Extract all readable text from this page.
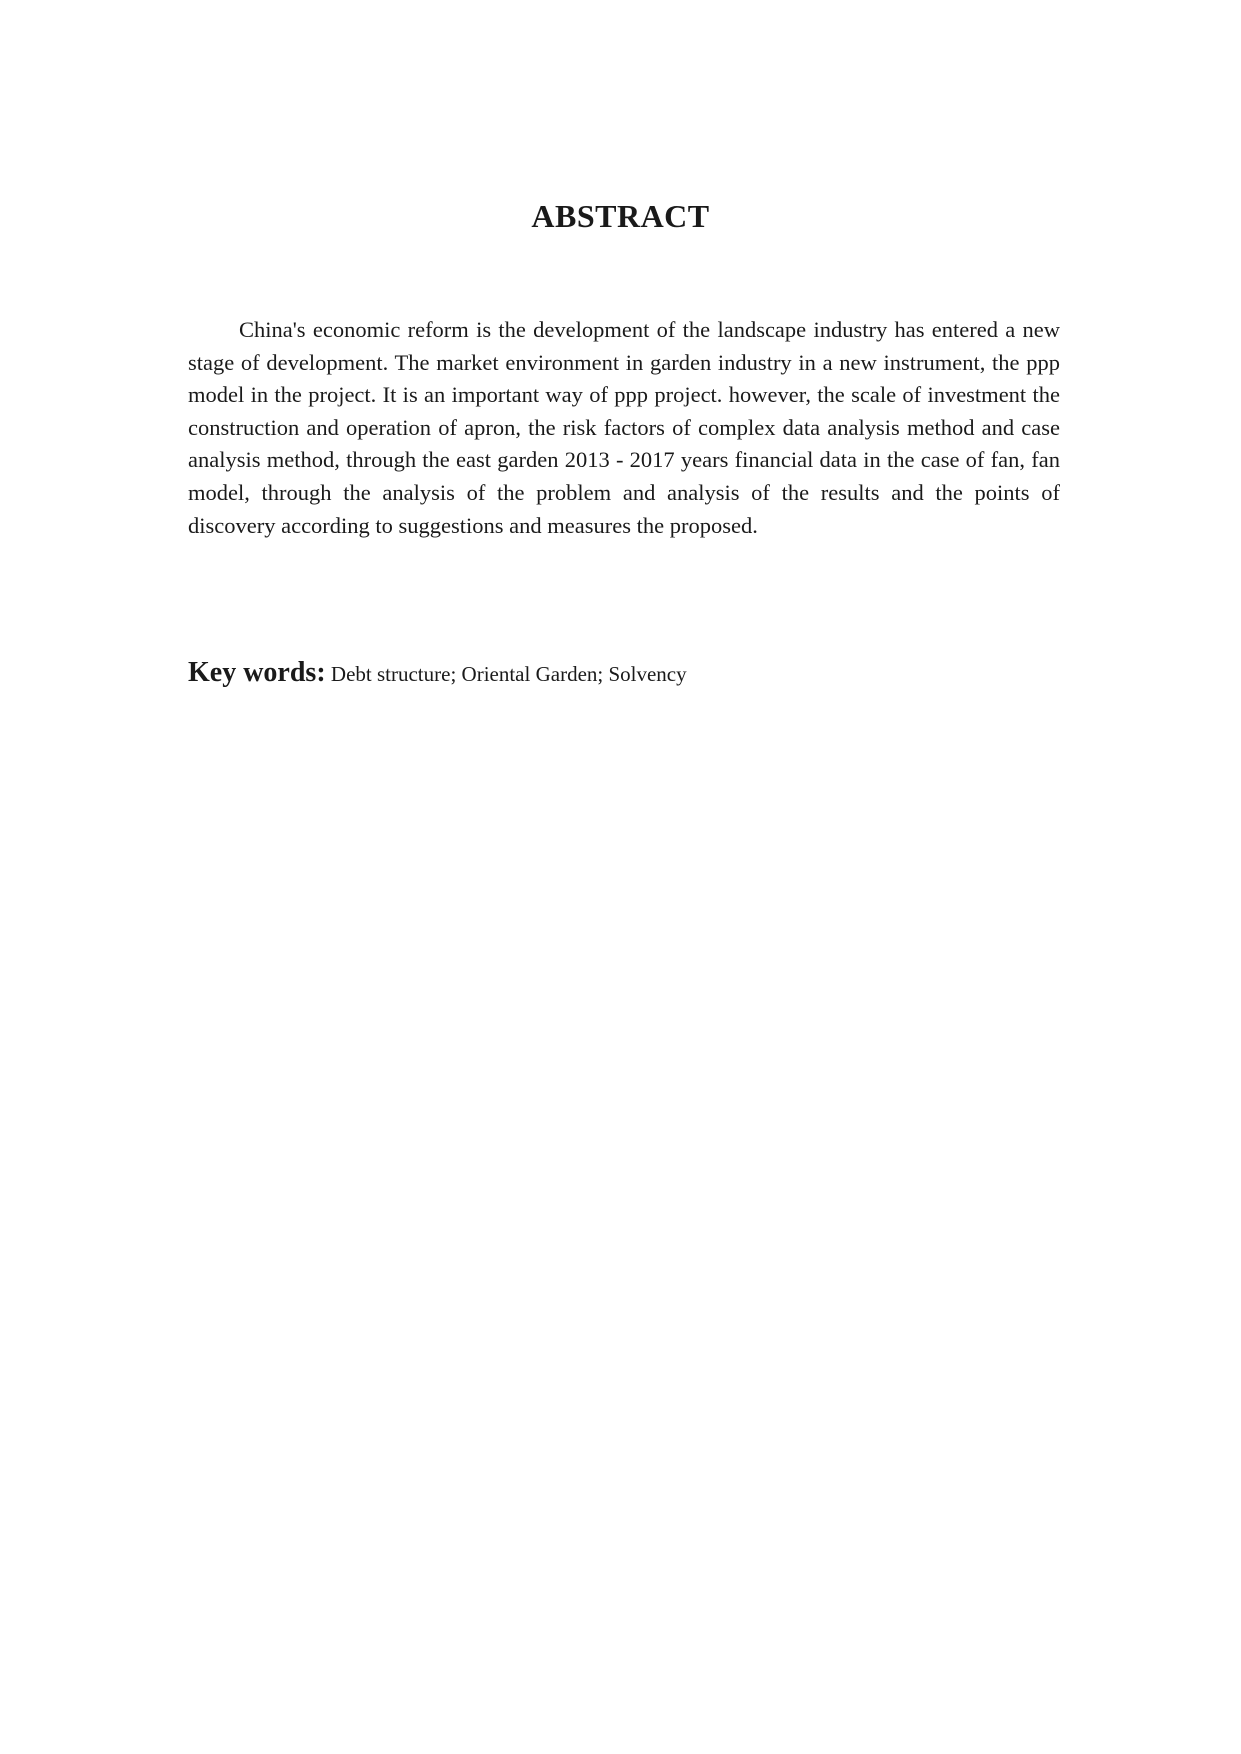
ABSTRACT

China's economic reform is the development of the landscape industry has entered a new stage of development. The market environment in garden industry in a new instrument, the ppp model in the project. It is an important way of ppp project. however, the scale of investment the construction and operation of apron, the risk factors of complex data analysis method and case analysis method, through the east garden 2013 - 2017 years financial data in the case of fan, fan model, through the analysis of the problem and analysis of the results and the points of discovery according to suggestions and measures the proposed.

Key words: Debt structure; Oriental Garden; Solvency
